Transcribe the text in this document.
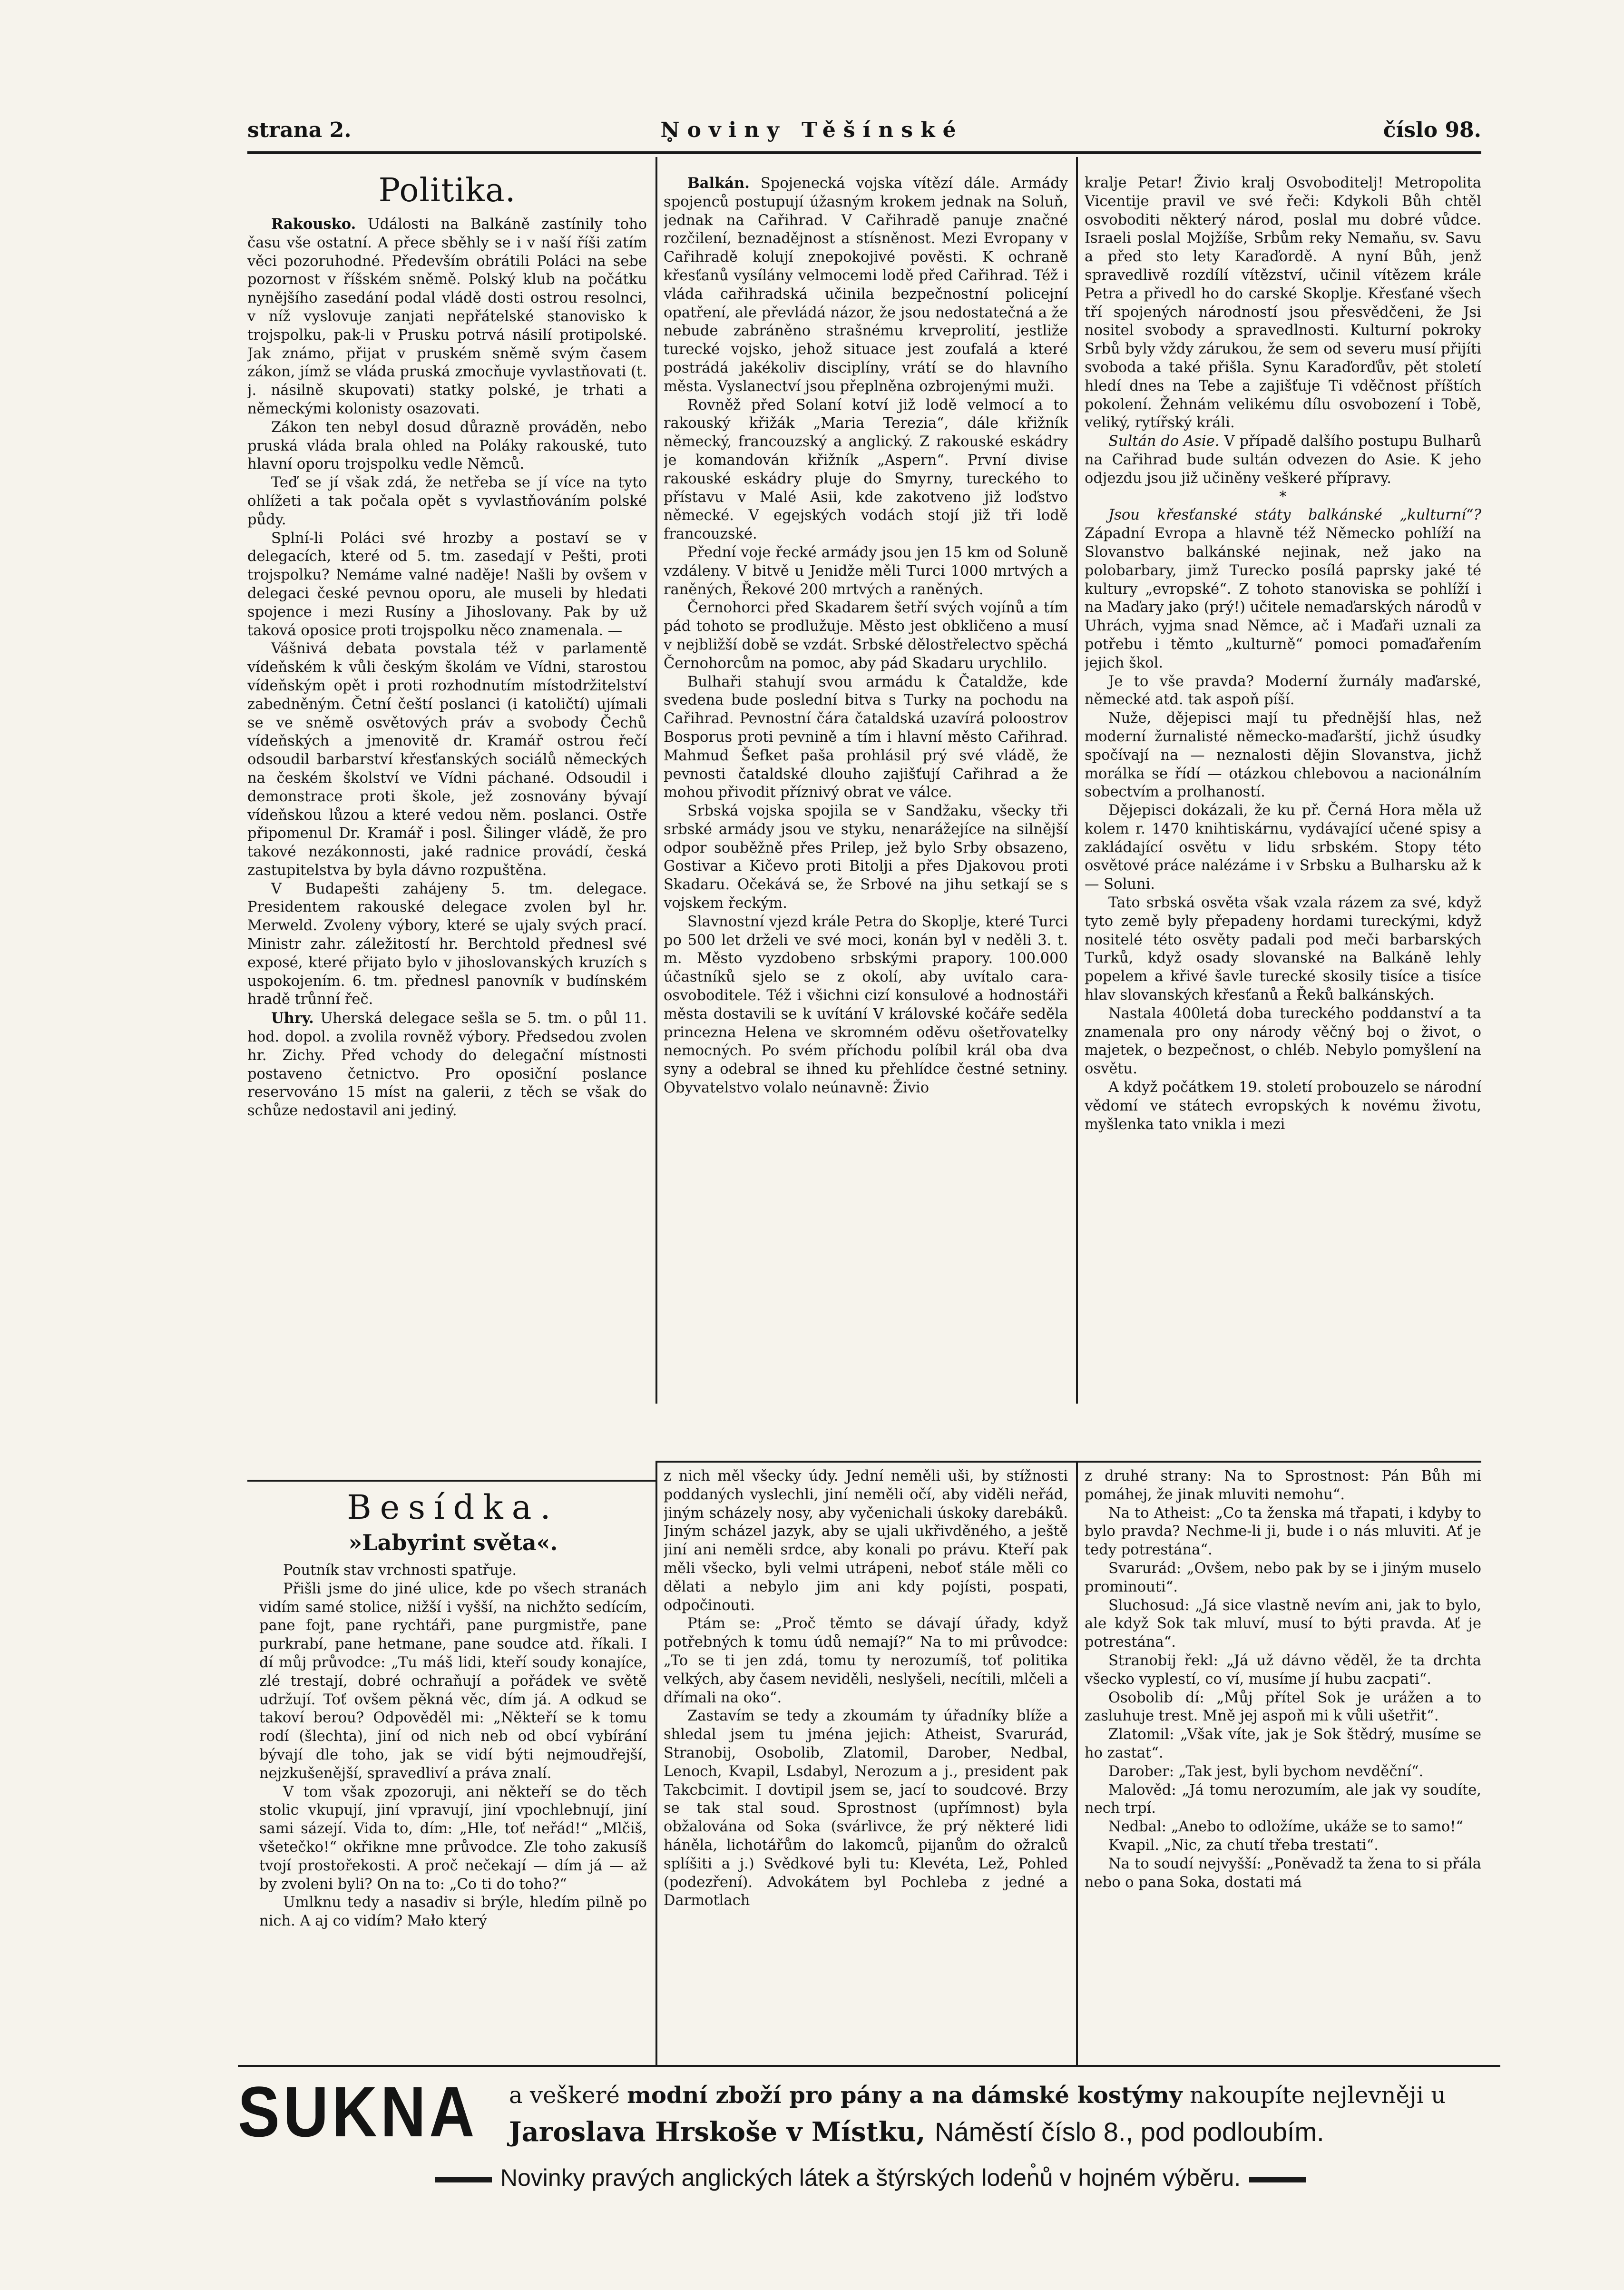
strana 2.	N̥oviny Těšínské	číslo 98.
Politika.

Rakousko. Události na Balkáně zastínily toho času vše ostatní. A přece sběhly se i v naší říši zatím věci pozoruhodné. Především obrátili Poláci na sebe pozornost v říšském sněmě. Polský klub na počátku nynějšího zasedání podal vládě dosti ostrou resolnci, v níž vyslovuje zanjati nepřátelské stanovisko k trojspolku, pak-li v Prusku potrvá násilí protipolské. Jak známo, přijat v pruském sněmě svým časem zákon, jímž se vláda pruská zmocňuje vyvlastňovati (t. j. násilně skupovati) statky polské, je trhati a německými kolonisty osazovati.

Zákon ten nebyl dosud důrazně prováděn, nebo pruská vláda brala ohled na Poláky rakouské, tuto hlavní oporu trojspolku vedle Němců.

Teď se jí však zdá, že netřeba se jí více na tyto ohlížeti a tak počala opět s vyvlastňováním polské půdy.

Splní-li Poláci své hrozby a postaví se v delegacích, které od 5. tm. zasedají v Pešti, proti trojspolku? Nemáme valné naděje! Našli by ovšem v delegaci české pevnou oporu, ale museli by hledati spojence i mezi Rusíny a Jihoslovany. Pak by už taková oposice proti trojspolku něco znamenala. —

Vášnivá debata povstala též v parlamentě vídeňském k vůli českým školám ve Vídni, starostou vídeňským opět i proti rozhodnutím místodržitelství zabedněným. Četní čeští poslanci (i katoličtí) ujímali se ve sněmě osvětových práv a svobody Čechů vídeňských a jmenovitě dr. Kramář ostrou řečí odsoudil barbarství křesťanských sociálů německých na českém školství ve Vídni páchané. Odsoudil i demonstrace proti škole, jež zosnovány bývají vídeňskou lůzou a které vedou něm. poslanci. Ostře připomenul Dr. Kramář i posl. Šilinger vládě, že pro takové nezákonnosti, jaké radnice provádí, česká zastupitelstva by byla dávno rozpuštěna.

V Budapešti zahájeny 5. tm. delegace. Presidentem rakouské delegace zvolen byl hr. Merweld. Zvoleny výbory, které se ujaly svých prací. Ministr zahr. záležitostí hr. Berchtold přednesl své exposé, které přijato bylo v jihoslovanských kruzích s uspokojením. 6. tm. přednesl panovník v budínském hradě trůnní řeč.

Uhry. Uherská delegace sešla se 5. tm. o půl 11. hod. dopol. a zvolila rovněž výbory. Předsedou zvolen hr. Zichy. Před vchody do delegační místnosti postaveno četnictvo. Pro oposiční poslance reservováno 15 míst na galerii, z těch se však do schůze nedostavil ani jediný.

Balkán. Spojenecká vojska vítězí dále. Armády spojenců postupují úžasným krokem jednak na Soluň, jednak na Cařihrad. V Cařihradě panuje značné rozčilení, beznadějnost a stísněnost. Mezi Evropany v Cařihradě kolují znepokojivé pověsti. K ochraně křesťanů vysílány velmocemi lodě před Cařihrad. Též i vláda cařihradská učinila bezpečnostní policejní opatření, ale převládá názor, že jsou nedostatečná a že nebude zabráněno strašnému krveprolití, jestliže turecké vojsko, jehož situace jest zoufalá a které postrádá jakékoliv disciplíny, vrátí se do hlavního města. Vyslanectví jsou přeplněna ozbrojenými muži.

Rovněž před Solaní kotví již lodě velmocí a to rakouský křižák „Maria Terezia“, dále křižník německý, francouzský a anglický. Z rakouské eskádry je komandován křižník „Aspern“. První divise rakouské eskádry pluje do Smyrny, tureckého to přístavu v Malé Asii, kde zakotveno již loďstvo německé. V egejských vodách stojí již tři lodě francouzské.

Přední voje řecké armády jsou jen 15 km od Soluně vzdáleny. V bitvě u Jenidže měli Turci 1000 mrtvých a raněných, Řekové 200 mrtvých a raněných.

Černohorci před Skadarem šetří svých vojínů a tím pád tohoto se prodlužuje. Město jest obkličeno a musí v nejbližší době se vzdát. Srbské dělostřelectvo spěchá Černohorcům na pomoc, aby pád Skadaru urychlilo.

Bulhaři stahují svou armádu k Čataldže, kde svedena bude poslední bitva s Turky na pochodu na Cařihrad. Pevnostní čára čataldská uzavírá poloostrov Bosporus proti pevnině a tím i hlavní město Cařihrad. Mahmud Šefket paša prohlásil prý své vládě, že pevnosti čataldské dlouho zajišťují Cařihrad a že mohou přivodit příznivý obrat ve válce.

Srbská vojska spojila se v Sandžaku, všecky tři srbské armády jsou ve styku, nenarážejíce na silnější odpor souběžně přes Prilep, jež bylo Srby obsazeno, Gostivar a Kičevo proti Bitolji a přes Djakovou proti Skadaru. Očekává se, že Srbové na jihu setkají se s vojskem řeckým.

Slavnostní vjezd krále Petra do Skoplje, které Turci po 500 let drželi ve své moci, konán byl v neděli 3. t. m. Město vyzdobeno srbskými prapory. 100.000 účastníků sjelo se z okolí, aby uvítalo cara-osvoboditele. Též i všichni cizí konsulové a hodnostáři města dostavili se k uvítání V královské kočáře seděla princezna Helena ve skromném oděvu ošetřovatelky nemocných. Po svém příchodu políbil král oba dva syny a odebral se ihned ku přehlídce čestné setniny. Obyvatelstvo volalo neúnavně: Živio

kralje Petar! Živio kralj Osvoboditelj! Metropolita Vicentije pravil ve své řeči: Kdykoli Bůh chtěl osvoboditi některý národ, poslal mu dobré vůdce. Israeli poslal Mojžíše, Srbům reky Nemaňu, sv. Savu a před sto lety Karaďordě. A nyní Bůh, jenž spravedlivě rozdílí vítězství, učinil vítězem krále Petra a přivedl ho do carské Skoplje. Křesťané všech tří spojených národností jsou přesvědčeni, že Jsi nositel svobody a spravedlnosti. Kulturní pokroky Srbů byly vždy zárukou, že sem od severu musí přijíti svoboda a také přišla. Synu Karaďorďův, pět století hledí dnes na Tebe a zajišťuje Ti vděčnost příštích pokolení. Žehnám velikému dílu osvobození i Tobě, veliký, rytířský králi.

Sultán do Asie. V případě dalšího postupu Bulharů na Cařihrad bude sultán odvezen do Asie. K jeho odjezdu jsou již učiněny veškeré přípravy.

*

Jsou křesťanské státy balkánské „kulturní“? Západní Evropa a hlavně též Německo pohlíží na Slovanstvo balkánské nejinak, než jako na polobarbary, jimž Turecko posílá paprsky jaké té kultury „evropské“. Z tohoto stanoviska se pohlíží i na Maďary jako (prý!) učitele nemaďarských národů v Uhrách, vyjma snad Němce, ač i Maďaři uznali za potřebu i těmto „kulturně“ pomoci pomaďařením jejich škol.

Je to vše pravda? Moderní žurnály maďarské, německé atd. tak aspoň píší.

Nuže, dějepisci mají tu přednější hlas, než moderní žurnalisté německo-maďarští, jichž úsudky spočívají na — neznalosti dějin Slovanstva, jichž morálka se řídí — otázkou chlebovou a nacionálním sobectvím a prolhaností.

Dějepisci dokázali, že ku př. Černá Hora měla už kolem r. 1470 knihtiskárnu, vydávající učené spisy a zakládající osvětu v lidu srbském. Stopy této osvětové práce nalézáme i v Srbsku a Bulharsku až k — Soluni.

Tato srbská osvěta však vzala rázem za své, když tyto země byly přepadeny hordami tureckými, když nositelé této osvěty padali pod meči barbarských Turků, když osady slovanské na Balkáně lehly popelem a křivé šavle turecké skosily tisíce a tisíce hlav slovanských křesťanů a Řeků balkánských.

Nastala 400letá doba tureckého poddanství a ta znamenala pro ony národy věčný boj o život, o majetek, o bezpečnost, o chléb. Nebylo pomyšlení na osvětu.

A když počátkem 19. století probouzelo se národní vědomí ve státech evropských k novému životu, myšlenka tato vnikla i mezi

Besídka.
»Labyrint světa«.

Poutník stav vrchnosti spatřuje.

Přišli jsme do jiné ulice, kde po všech stranách vidím samé stolice, nižší i vyšší, na nichžto sedícím, pane fojt, pane rychtáři, pane purgmistře, pane purkrabí, pane hetmane, pane soudce atd. říkali. I dí můj průvodce: „Tu máš lidi, kteří soudy konajíce, zlé trestají, dobré ochraňují a pořádek ve světě udržují. Toť ovšem pěkná věc, dím já. A odkud se takoví berou? Odpověděl mi: „Někteří se k tomu rodí (šlechta), jiní od nich neb od obcí vybírání bývají dle toho, jak se vidí býti nejmoudřejší, nejzkušenější, spravedliví a práva znalí.

V tom však zpozoruji, ani někteří se do těch stolic vkupují, jiní vpravují, jiní vpochlebnují, jiní sami sázejí. Vida to, dím: „Hle, toť neřád!“ „Mlčiš, všetečko!“ okřikne mne průvodce. Zle toho zakusíš tvojí prostořekosti. A proč nečekají — dím já — až by zvoleni byli? On na to: „Co ti do toho?“

Umlknu tedy a nasadiv si brýle, hledím pilně po nich. A aj co vidím? Mało který

z nich měl všecky údy. Jední neměli uši, by stížnosti poddaných vyslechli, jiní neměli očí, aby viděli neřád, jiným scházely nosy, aby vyčenichali úskoky darebáků. Jiným scházel jazyk, aby se ujali ukřivděného, a ještě jiní ani neměli srdce, aby konali po právu. Kteří pak měli všecko, byli velmi utrápeni, neboť stále měli co dělati a nebylo jim ani kdy pojísti, pospati, odpočinouti.

Ptám se: „Proč těmto se dávají úřady, když potřebných k tomu údů nemají?“ Na to mi průvodce: „To se ti jen zdá, tomu ty nerozumíš, toť politika velkých, aby časem neviděli, neslyšeli, necítili, mlčeli a dřímali na oko“.

Zastavím se tedy a zkoumám ty úřadníky blíže a shledal jsem tu jména jejich: Atheist, Svarurád, Stranobij, Osobolib, Zlatomil, Darober, Nedbal, Lenoch, Kvapil, Lsdabyl, Nerozum a j., president pak Takcbcimit. I dovtipil jsem se, jací to soudcové. Brzy se tak stal soud. Sprostnost (upřímnost) byla obžalována od Soka (svárlivce, že prý některé lidi háněla, lichotářům do lakomců, pijanům do ožralců splíšiti a j.) Svědkové byli tu: Klevéta, Lež, Pohled (podezření). Advokátem byl Pochleba z jedné a Darmotlach

z druhé strany: Na to Sprostnost: Pán Bůh mi pomáhej, že jinak mluviti nemohu“.

Na to Atheist: „Co ta ženska má třapati, i kdyby to bylo pravda? Nechme-li ji, bude i o nás mluviti. Ať je tedy potrestána“.

Svarurád: „Ovšem, nebo pak by se i jiným muselo prominouti“.

Sluchosud: „Já sice vlastně nevím ani, jak to bylo, ale když Sok tak mluví, musí to býti pravda. Ať je potrestána“.

Stranobij řekl: „Já už dávno věděl, že ta drchta všecko vyplestí, co ví, musíme jí hubu zacpati“.

Osobolib dí: „Můj přítel Sok je urážen a to zasluhuje trest. Mně jej aspoň mi k vůli ušetřit“.

Zlatomil: „Však víte, jak je Sok štědrý, musíme se ho zastat“.

Darober: „Tak jest, byli bychom nevděční“.

Malověd: „Já tomu nerozumím, ale jak vy soudíte, nech trpí.

Nedbal: „Anebo to odložíme, ukáže se to samo!“

Kvapil. „Nic, za chutí třeba trestati“.

Na to soudí nejvyšší: „Poněvadž ta žena to si přála nebo o pana Soka, dostati má

SUKNA a veškeré modní zboží pro pány a na dámské kostýmy nakoupíte nejlevněji u
Jaroslava Hrskoše v Místku, Náměstí číslo 8., pod podloubím.
Novinky pravých anglických látek a štýrských loden̊ů v hojném výběru.
